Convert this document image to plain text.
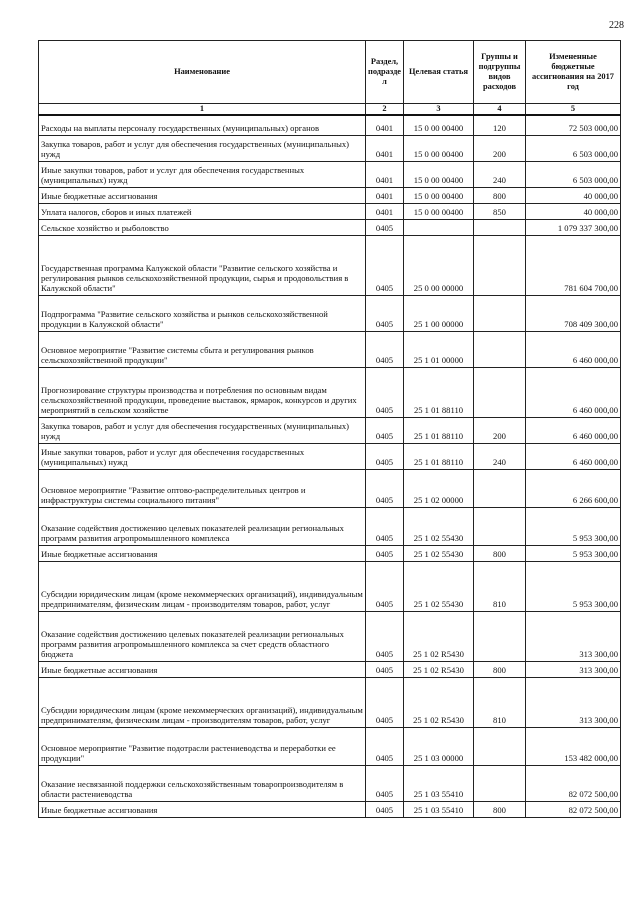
228
Наименование	Раздел, подразде л	Целевая статья	Группы и подгруппы видов расходов	Измененные бюджетные ассигнования на 2017 год
1	2	3	4	5
Расходы на выплаты персоналу государственных (муниципальных) органов	0401	15 0 00 00400	120	72 503 000,00
Закупка товаров, работ и услуг для обеспечения государственных (муниципальных) нужд	0401	15 0 00 00400	200	6 503 000,00
Иные закупки товаров, работ и услуг для обеспечения государственных (муниципальных) нужд	0401	15 0 00 00400	240	6 503 000,00
Иные бюджетные ассигнования	0401	15 0 00 00400	800	40 000,00
Уплата налогов, сборов и иных платежей	0401	15 0 00 00400	850	40 000,00
Сельское хозяйство и рыболовство	0405			1 079 337 300,00
Государственная программа Калужской области "Развитие сельского хозяйства и регулирования рынков сельскохозяйственной продукции, сырья и продовольствия в Калужской области"	0405	25 0 00 00000		781 604 700,00
Подпрограмма "Развитие сельского хозяйства и рынков сельскохозяйственной продукции в Калужской области"	0405	25 1 00 00000		708 409 300,00
Основное мероприятие "Развитие системы сбыта и регулирования рынков сельскохозяйственной продукции"	0405	25 1 01 00000		6 460 000,00
Прогнозирование структуры производства и потребления по основным видам сельскохозяйственной продукции, проведение выставок, ярмарок, конкурсов и других мероприятий в сельском хозяйстве	0405	25 1 01 88110		6 460 000,00
Закупка товаров, работ и услуг для обеспечения государственных (муниципальных) нужд	0405	25 1 01 88110	200	6 460 000,00
Иные закупки товаров, работ и услуг для обеспечения государственных (муниципальных) нужд	0405	25 1 01 88110	240	6 460 000,00
Основное мероприятие "Развитие оптово-распределительных центров и инфраструктуры системы социального питания"	0405	25 1 02 00000		6 266 600,00
Оказание содействия достижению целевых показателей реализации региональных программ развития агропромышленного комплекса	0405	25 1 02 55430		5 953 300,00
Иные бюджетные ассигнования	0405	25 1 02 55430	800	5 953 300,00
Субсидии юридическим лицам (кроме некоммерческих организаций), индивидуальным предпринимателям, физическим лицам - производителям товаров, работ, услуг	0405	25 1 02 55430	810	5 953 300,00
Оказание содействия достижению целевых показателей реализации региональных программ развития агропромышленного комплекса за счет средств областного бюджета	0405	25 1 02 R5430		313 300,00
Иные бюджетные ассигнования	0405	25 1 02 R5430	800	313 300,00
Субсидии юридическим лицам (кроме некоммерческих организаций), индивидуальным предпринимателям, физическим лицам - производителям товаров, работ, услуг	0405	25 1 02 R5430	810	313 300,00
Основное мероприятие "Развитие подотрасли растениеводства и переработки ее продукции"	0405	25 1 03 00000		153 482 000,00
Оказание несвязанной поддержки сельскохозяйственным товаропроизводителям в области растениеводства	0405	25 1 03 55410		82 072 500,00
Иные бюджетные ассигнования	0405	25 1 03 55410	800	82 072 500,00
